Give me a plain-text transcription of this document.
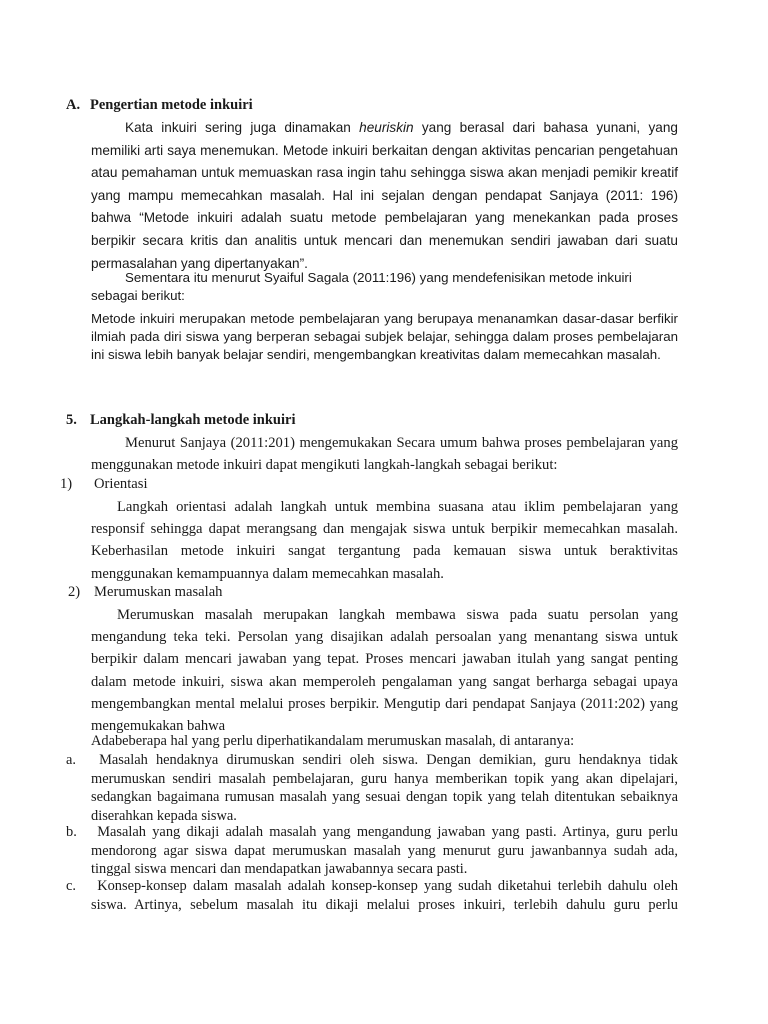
A. Pengertian metode inkuiri
Kata inkuiri sering juga dinamakan heuriskin yang berasal dari bahasa yunani, yang memiliki arti saya menemukan. Metode inkuiri berkaitan dengan aktivitas pencarian pengetahuan atau pemahaman untuk memuaskan rasa ingin tahu sehingga siswa akan menjadi pemikir kreatif yang mampu memecahkan masalah. Hal ini sejalan dengan pendapat Sanjaya (2011: 196) bahwa “Metode inkuiri adalah suatu metode pembelajaran yang menekankan pada proses berpikir secara kritis dan analitis untuk mencari dan menemukan sendiri jawaban dari suatu permasalahan yang dipertanyakan”.
Sementara itu menurut Syaiful Sagala (2011:196) yang mendefenisikan metode inkuiri sebagai berikut:
Metode inkuiri merupakan metode pembelajaran yang berupaya menanamkan dasar-dasar berfikir ilmiah pada diri siswa yang berperan sebagai subjek belajar, sehingga dalam proses pembelajaran ini siswa lebih banyak belajar sendiri, mengembangkan kreativitas dalam memecahkan masalah.
5. Langkah-langkah metode inkuiri
Menurut Sanjaya (2011:201) mengemukakan Secara umum bahwa proses pembelajaran yang menggunakan metode inkuiri dapat mengikuti langkah-langkah sebagai berikut:
1) Orientasi
Langkah orientasi adalah langkah untuk membina suasana atau iklim pembelajaran yang responsif sehingga dapat merangsang dan mengajak siswa untuk berpikir memecahkan masalah. Keberhasilan metode inkuiri sangat tergantung pada kemauan siswa untuk beraktivitas menggunakan kemampuannya dalam memecahkan masalah.
2) Merumuskan masalah
Merumuskan masalah merupakan langkah membawa siswa pada suatu persolan yang mengandung teka teki. Persolan yang disajikan adalah persoalan yang menantang siswa untuk berpikir dalam mencari jawaban yang tepat. Proses mencari jawaban itulah yang sangat penting dalam metode inkuiri, siswa akan memperoleh pengalaman yang sangat berharga sebagai upaya mengembangkan mental melalui proses berpikir. Mengutip dari pendapat Sanjaya (2011:202) yang mengemukakan bahwa
Adabeberapa hal yang perlu diperhatikandalam merumuskan masalah, di antaranya:
a.	Masalah hendaknya dirumuskan sendiri oleh siswa. Dengan demikian, guru hendaknya tidak
merumuskan sendiri masalah pembelajaran, guru hanya memberikan topik yang akan dipelajari, sedangkan bagaimana rumusan masalah yang sesuai dengan topik yang telah ditentukan sebaiknya diserahkan kepada siswa.
b.	Masalah yang dikaji adalah masalah yang mengandung jawaban yang pasti. Artinya, guru perlu
mendorong agar siswa dapat merumuskan masalah yang menurut guru jawanbannya sudah ada, tinggal siswa mencari dan mendapatkan jawabannya secara pasti.
c.	Konsep-konsep dalam masalah adalah konsep-konsep yang sudah diketahui terlebih dahulu oleh
siswa. Artinya, sebelum masalah itu dikaji melalui proses inkuiri, terlebih dahulu guru perlu
